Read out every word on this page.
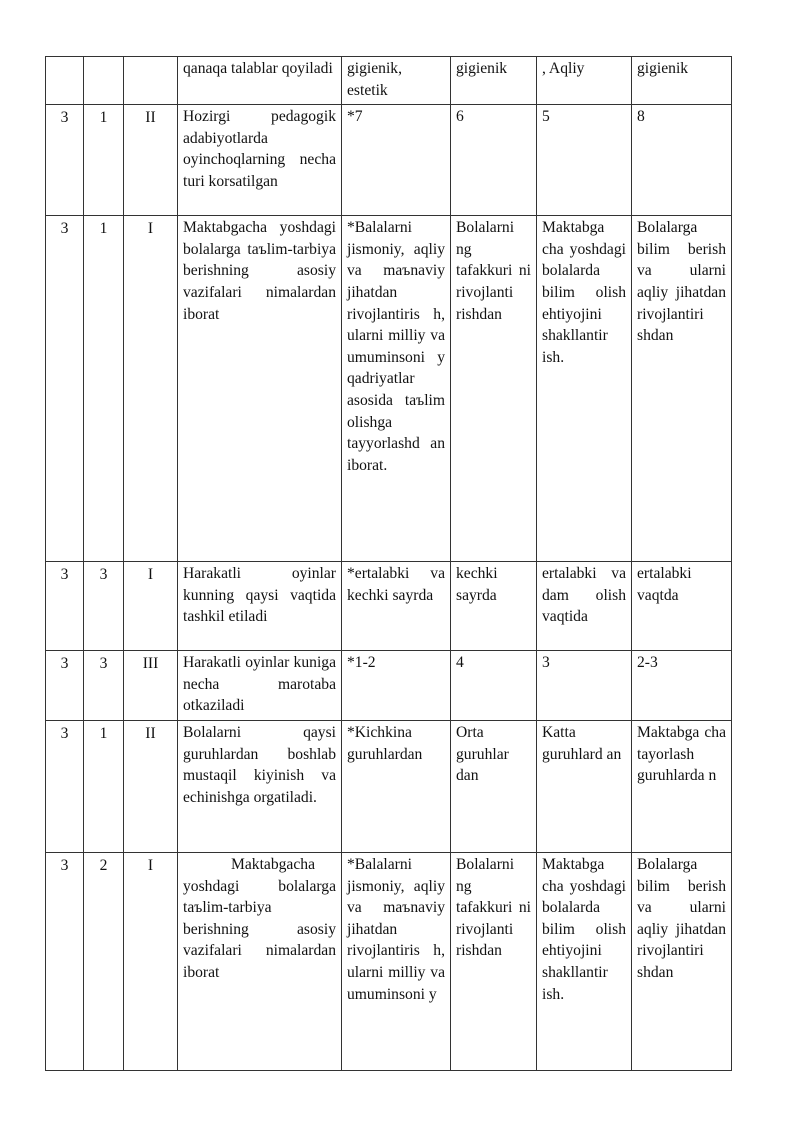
			qanaqa talablar qoyiladi	gigienik, estetik	gigienik	, Aqliy	gigienik
3	1	II	Hozirgi pedagogik adabiyotlarda oyinchoqlarning necha turi korsatilgan	*7	6	5	8
3	1	I	Maktabgacha yoshdagi bolalarga taъlim-tarbiya berishning asosiy vazifalari nimalardan iborat	*Balalarni jismoniy, aqliy va maъnaviy jihatdan rivojlantiris h, ularni milliy va umuminsoni y qadriyatlar asosida taъlim olishga tayyorlashd an iborat.	Bolalarni ng tafakkuri ni rivojlanti rishdan	Maktabga cha yoshdagi bolalarda bilim olish ehtiyojini shakllantir ish.	Bolalarga bilim berish va ularni aqliy jihatdan rivojlantiri shdan
3	3	I	Harakatli oyinlar kunning qaysi vaqtida tashkil etiladi	*ertalabki va kechki sayrda	kechki sayrda	ertalabki va dam olish vaqtida	ertalabki vaqtda
3	3	III	Harakatli oyinlar kuniga necha marotaba otkaziladi	*1-2	4	3	2-3
3	1	II	Bolalarni qaysi guruhlardan boshlab mustaqil kiyinish va echinishga orgatiladi.	*Kichkina guruhlardan	Orta guruhlar dan	Katta guruhlard an	Maktabga cha tayorlash guruhlarda n
3	2	I	Maktabgacha yoshdagi bolalarga taъlim-tarbiya berishning asosiy vazifalari nimalardan iborat	*Balalarni jismoniy, aqliy va maъnaviy jihatdan rivojlantiris h, ularni milliy va umuminsoni y	Bolalarni ng tafakkuri ni rivojlanti rishdan	Maktabga cha yoshdagi bolalarda bilim olish ehtiyojini shakllantir ish.	Bolalarga bilim berish va ularni aqliy jihatdan rivojlantiri shdan
